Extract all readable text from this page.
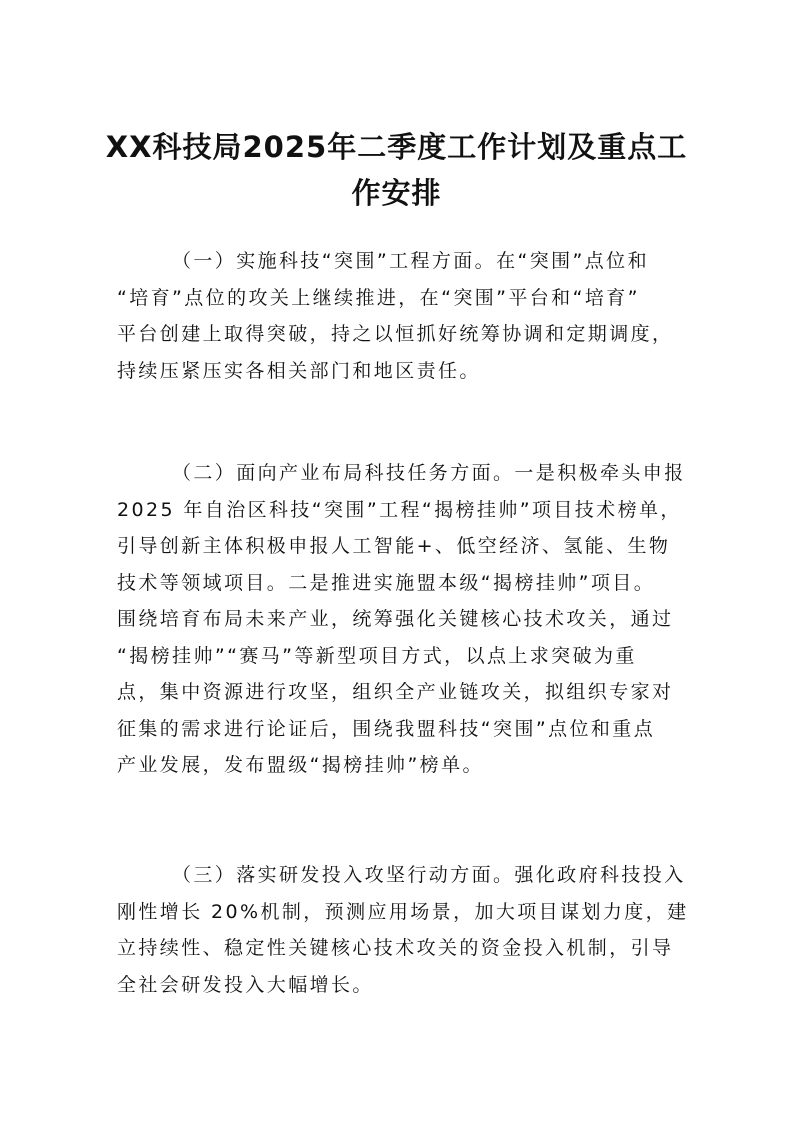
XX科技局2025年二季度工作计划及重点工
作安排
（一）实施科技“突围”工程方面。在“突围”点位和
“培育”点位的攻关上继续推进，在“突围”平台和“培育”
平台创建上取得突破，持之以恒抓好统筹协调和定期调度，
持续压紧压实各相关部门和地区责任。
（二）面向产业布局科技任务方面。一是积极牵头申报
2025 年自治区科技“突围”工程“揭榜挂帅”项目技术榜单，
引导创新主体积极申报人工智能+、低空经济、氢能、生物
技术等领域项目。二是推进实施盟本级“揭榜挂帅”项目。
围绕培育布局未来产业，统筹强化关键核心技术攻关，通过
“揭榜挂帅”“赛马”等新型项目方式，以点上求突破为重
点，集中资源进行攻坚，组织全产业链攻关，拟组织专家对
征集的需求进行论证后，围绕我盟科技“突围”点位和重点
产业发展，发布盟级“揭榜挂帅”榜单。
（三）落实研发投入攻坚行动方面。强化政府科技投入
刚性增长 20%机制，预测应用场景，加大项目谋划力度，建
立持续性、稳定性关键核心技术攻关的资金投入机制，引导
全社会研发投入大幅增长。
